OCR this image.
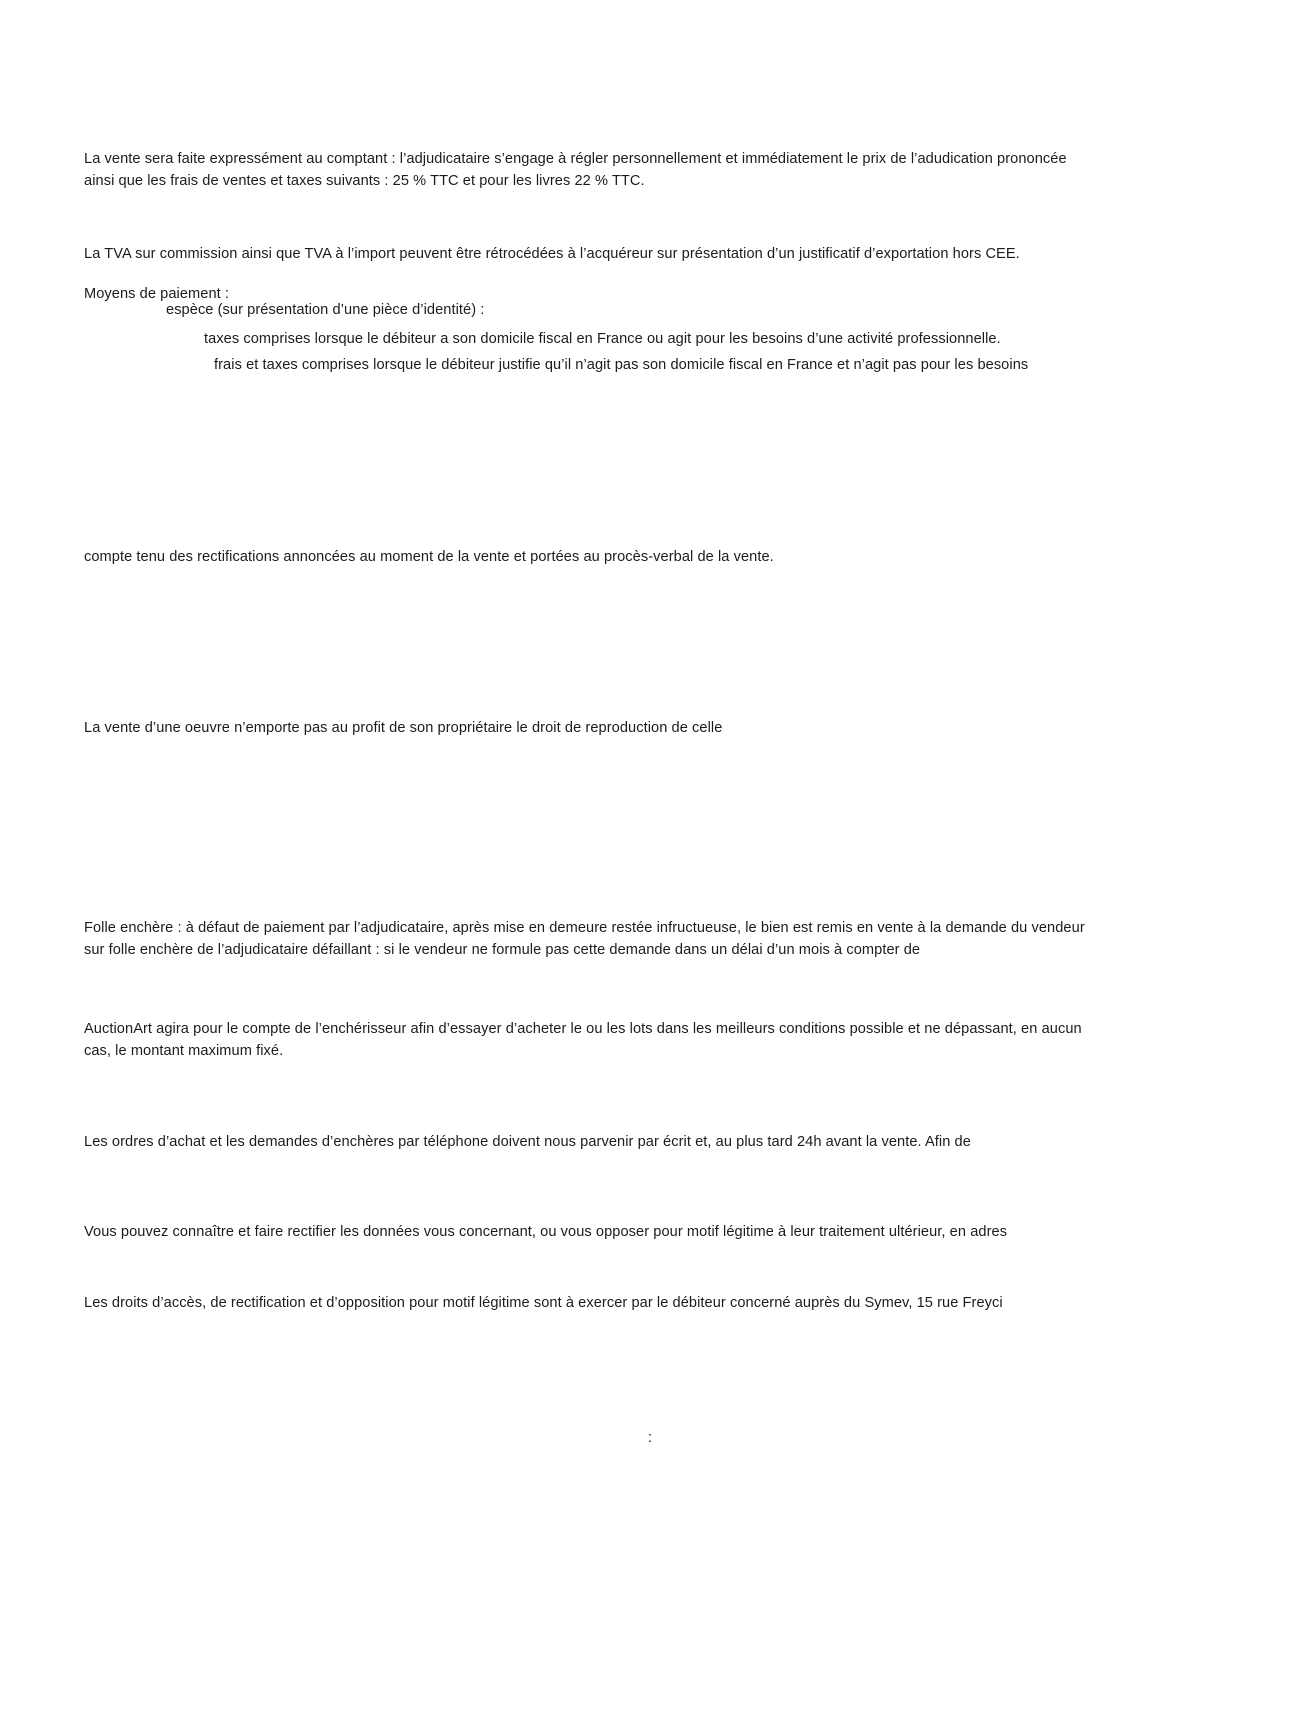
La vente sera faite expressément au comptant : l’adjudicataire s’engage à régler personnellement et immédiatement le prix de l’adudication prononcée ainsi que les frais de ventes et taxes suivants : 25 % TTC et pour les livres 22 % TTC.
La TVA sur commission ainsi que TVA à l’import peuvent être rétrocédées à l’acquéreur sur présentation d’un justificatif d’exportation hors CEE.
Moyens de paiement :
espèce (sur présentation d’une pièce d’identité) :
taxes comprises lorsque le débiteur a son domicile fiscal en France ou agit pour les besoins d’une activité professionnelle.
frais et taxes comprises lorsque le débiteur justifie qu’il n’agit pas son domicile fiscal en France et n’agit pas pour les besoins
compte tenu des rectifications annoncées au moment de la vente et portées au procès-verbal de la vente.
La vente d’une oeuvre n’emporte pas au profit de son propriétaire le droit de reproduction de celle
Folle enchère : à défaut de paiement par l’adjudicataire, après mise en demeure restée infructueuse, le bien est remis en vente à la demande du vendeur sur folle enchère de l’adjudicataire défaillant : si le vendeur ne formule pas cette demande dans un délai d’un mois à compter de
AuctionArt agira pour le compte de l’enchérisseur afin d’essayer d’acheter le ou les lots dans les meilleurs conditions possible et ne dépassant, en aucun cas, le montant maximum fixé.
Les ordres d’achat et les demandes d’enchères par téléphone doivent nous parvenir par écrit et, au plus tard 24h avant la vente. Afin de
Vous pouvez connaître et faire rectifier les données vous concernant, ou vous opposer pour motif légitime à leur traitement ultérieur, en adres
Les droits d’accès, de rectification et d’opposition pour motif légitime sont à exercer par le débiteur concerné auprès du Symev, 15 rue Freyci
:
